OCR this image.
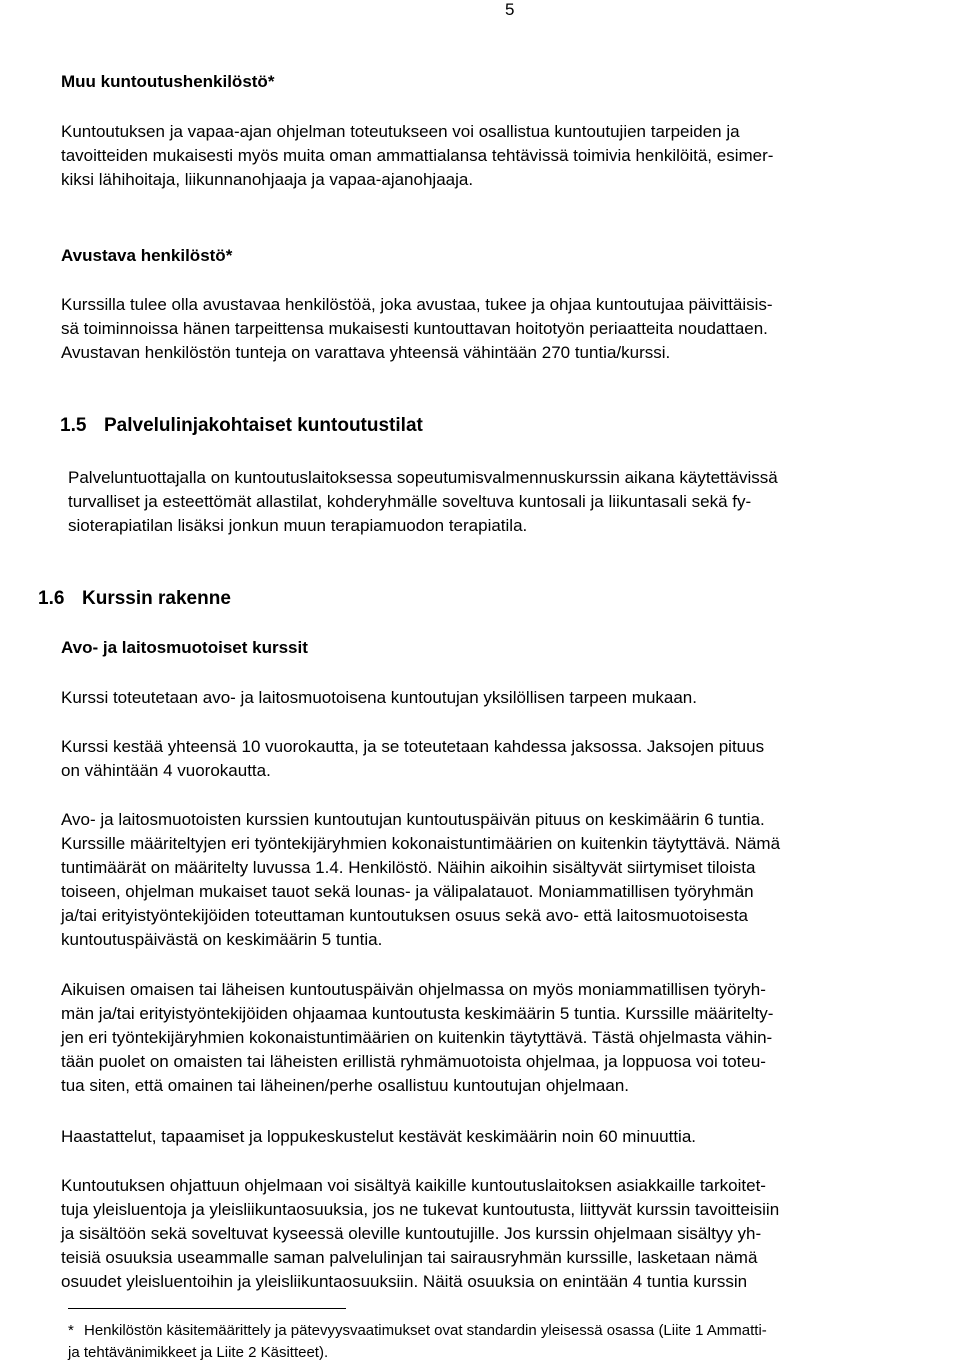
5
Muu kuntoutushenkilöstö*

Kuntoutuksen ja vapaa-ajan ohjelman toteutukseen voi osallistua kuntoutujien tarpeiden ja
tavoitteiden mukaisesti myös muita oman ammattialansa tehtävissä toimivia henkilöitä, esimer-
kiksi lähihoitaja, liikunnanohjaaja ja vapaa-ajanohjaaja.

Avustava henkilöstö*

Kurssilla tulee olla avustavaa henkilöstöä, joka avustaa, tukee ja ohjaa kuntoutujaa päivittäisis-
sä toiminnoissa hänen tarpeittensa mukaisesti kuntouttavan hoitotyön periaatteita noudattaen.
Avustavan henkilöstön tunteja on varattava yhteensä vähintään 270 tuntia/kurssi.

1.5 Palvelulinjakohtaiset kuntoutustilat

Palveluntuottajalla on kuntoutuslaitoksessa sopeutumisvalmennuskurssin aikana käytettävissä
turvalliset ja esteettömät allastilat, kohderyhmälle soveltuva kuntosali ja liikuntasali sekä fy-
sioterapiatilan lisäksi jonkun muun terapiamuodon terapiatila.

1.6 Kurssin rakenne
Avo- ja laitosmuotoiset kurssit

Kurssi toteutetaan avo- ja laitosmuotoisena kuntoutujan yksilöllisen tarpeen mukaan.

Kurssi kestää yhteensä 10 vuorokautta, ja se toteutetaan kahdessa jaksossa. Jaksojen pituus
on vähintään 4 vuorokautta.

Avo- ja laitosmuotoisten kurssien kuntoutujan kuntoutuspäivän pituus on keskimäärin 6 tuntia.
Kurssille määriteltyjen eri työntekijäryhmien kokonaistuntimäärien on kuitenkin täytyttävä. Nämä
tuntimäärät on määritelty luvussa 1.4. Henkilöstö. Näihin aikoihin sisältyvät siirtymiset tiloista
toiseen, ohjelman mukaiset tauot sekä lounas- ja välipalatauot. Moniammatillisen työryhmän
ja/tai erityistyöntekijöiden toteuttaman kuntoutuksen osuus sekä avo- että laitosmuotoisesta
kuntoutuspäivästä on keskimäärin 5 tuntia.

Aikuisen omaisen tai läheisen kuntoutuspäivän ohjelmassa on myös moniammatillisen työryh-
män ja/tai erityistyöntekijöiden ohjaamaa kuntoutusta keskimäärin 5 tuntia. Kurssille määritelty-
jen eri työntekijäryhmien kokonaistuntimäärien on kuitenkin täytyttävä. Tästä ohjelmasta vähin-
tään puolet on omaisten tai läheisten erillistä ryhmämuotoista ohjelmaa, ja loppuosa voi toteu-
tua siten, että omainen tai läheinen/perhe osallistuu kuntoutujan ohjelmaan.

Haastattelut, tapaamiset ja loppukeskustelut kestävät keskimäärin noin 60 minuuttia.

Kuntoutuksen ohjattuun ohjelmaan voi sisältyä kaikille kuntoutuslaitoksen asiakkaille tarkoitet-
tuja yleisluentoja ja yleisliikuntaosuuksia, jos ne tukevat kuntoutusta, liittyvät kurssin tavoitteisiin
ja sisältöön sekä soveltuvat kyseessä oleville kuntoutujille. Jos kurssin ohjelmaan sisältyy yh-
teisiä osuuksia useammalle saman palvelulinjan tai sairausryhmän kurssille, lasketaan nämä
osuudet yleisluentoihin ja yleisliikuntaosuuksiin. Näitä osuuksia on enintään 4 tuntia kurssin

* Henkilöstön käsitemäärittely ja pätevyysvaatimukset ovat standardin yleisessä osassa (Liite 1 Ammatti-
ja tehtävänimikkeet ja Liite 2 Käsitteet).
